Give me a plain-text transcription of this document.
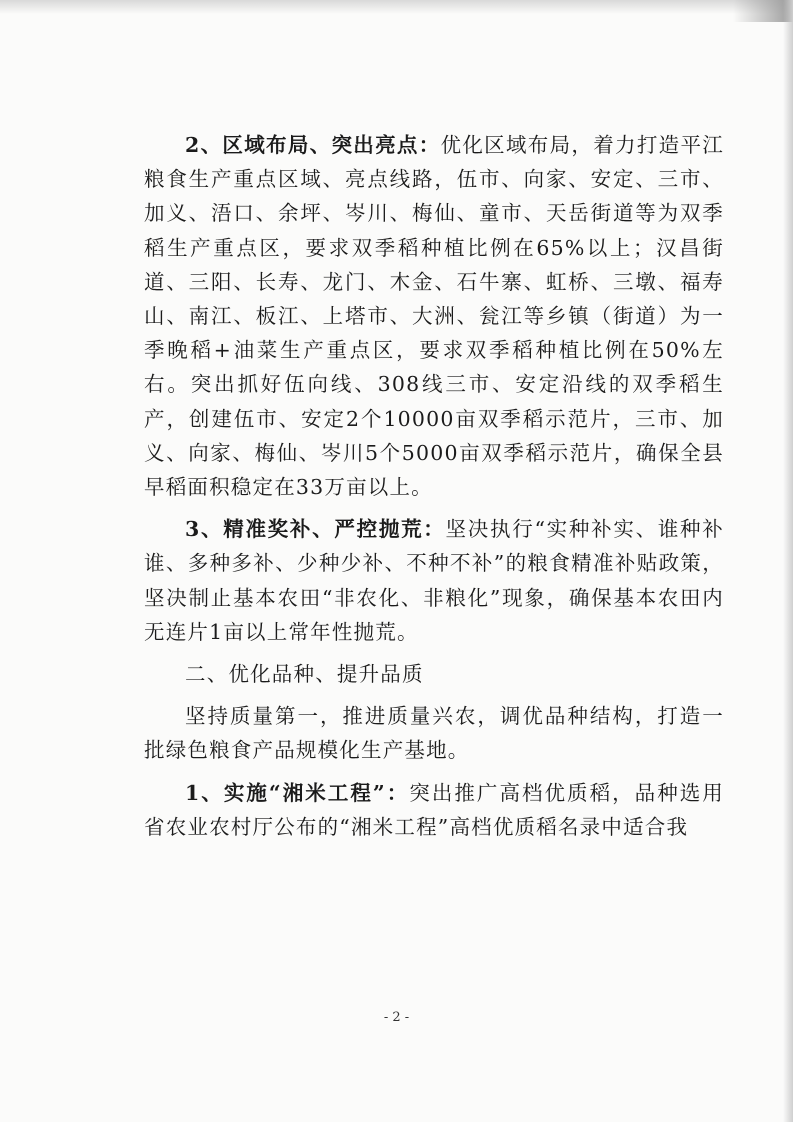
2、区域布局、突出亮点：优化区域布局，着力打造平江粮食生产重点区域、亮点线路，伍市、向家、安定、三市、加义、浯口、余坪、岑川、梅仙、童市、天岳街道等为双季稻生产重点区，要求双季稻种植比例在65%以上；汉昌街道、三阳、长寿、龙门、木金、石牛寨、虹桥、三墩、福寿山、南江、板江、上塔市、大洲、瓮江等乡镇（街道）为一季晚稻+油菜生产重点区，要求双季稻种植比例在50%左右。突出抓好伍向线、308线三市、安定沿线的双季稻生产，创建伍市、安定2个10000亩双季稻示范片，三市、加义、向家、梅仙、岑川5个5000亩双季稻示范片，确保全县早稻面积稳定在33万亩以上。

3、精准奖补、严控抛荒：坚决执行“实种补实、谁种补谁、多种多补、少种少补、不种不补”的粮食精准补贴政策，坚决制止基本农田“非农化、非粮化”现象，确保基本农田内无连片1亩以上常年性抛荒。

二、优化品种、提升品质

坚持质量第一，推进质量兴农，调优品种结构，打造一批绿色粮食产品规模化生产基地。

1、实施“湘米工程”：突出推广高档优质稻，品种选用省农业农村厅公布的“湘米工程”高档优质稻名录中适合我

- 2 -
